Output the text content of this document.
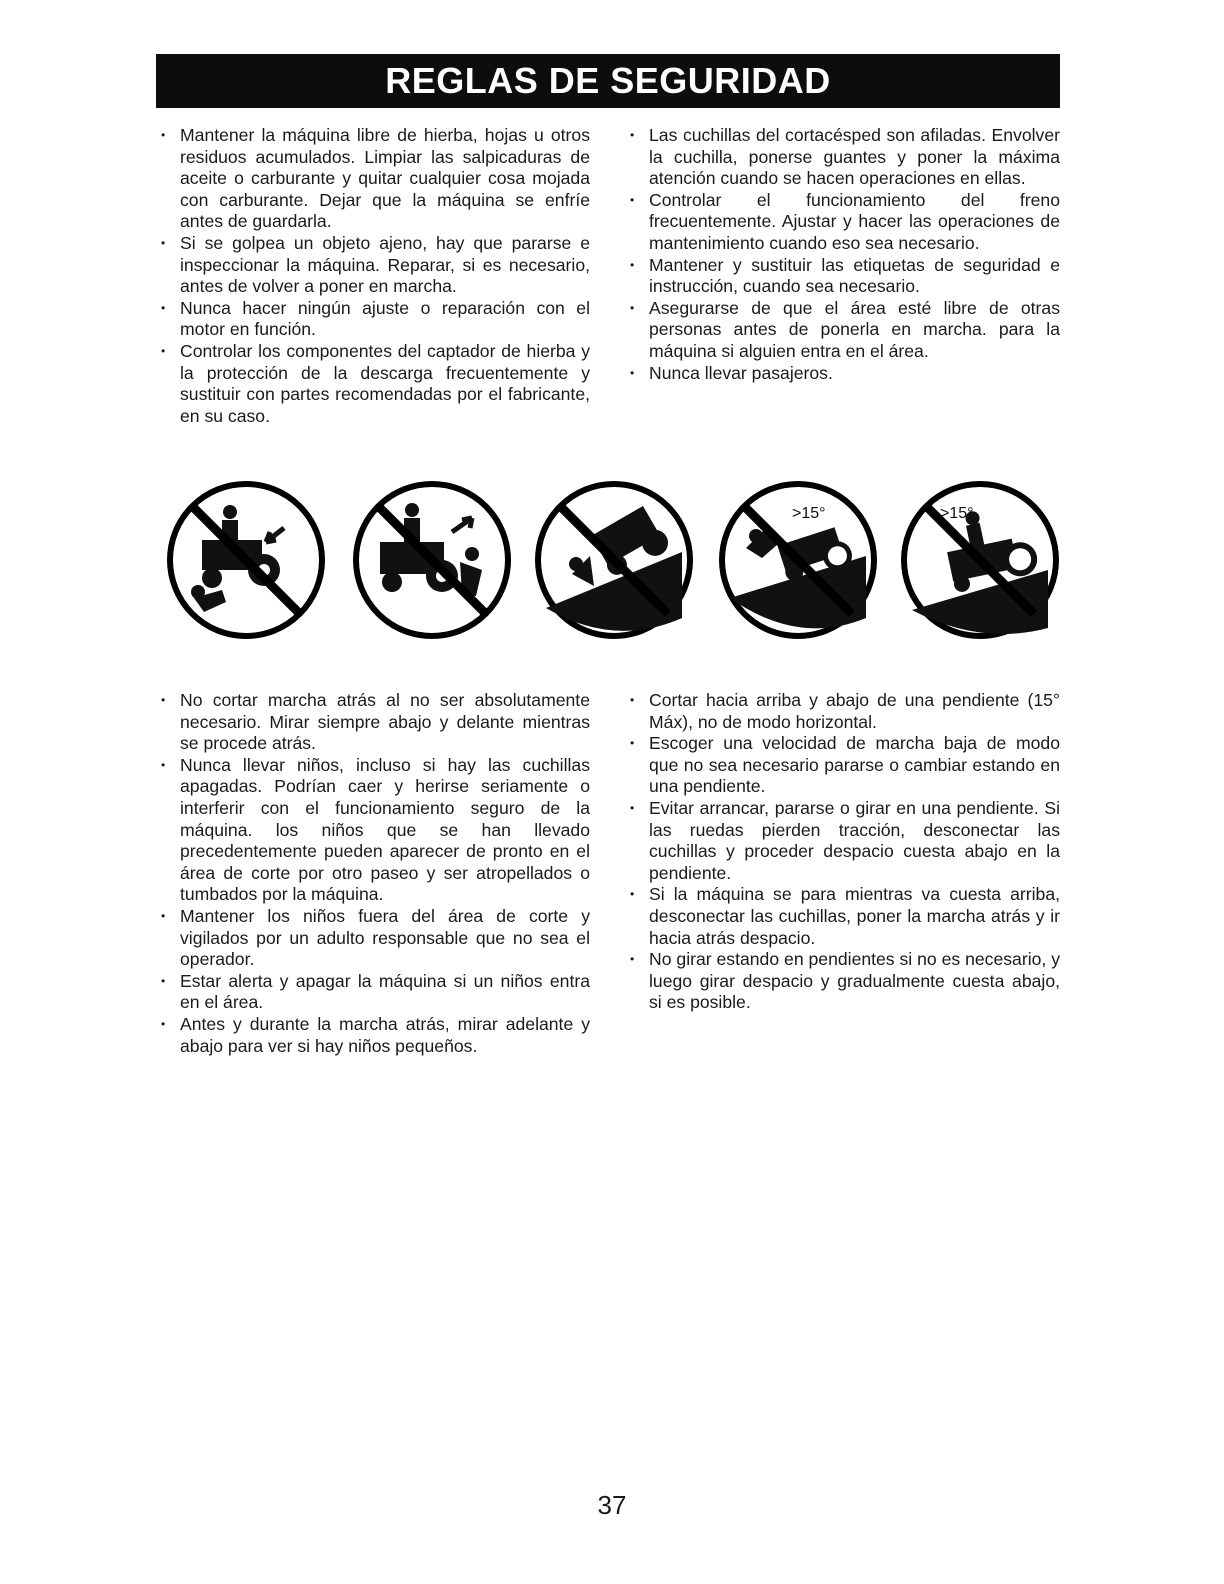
REGLAS DE SEGURIDAD
• Mantener la máquina libre de hierba, hojas u otros residuos acumulados. Limpiar las salpicaduras de aceite o carburante y quitar cualquier cosa mojada con carburante. Dejar que la máquina se enfríe antes de guardarla.
• Si se golpea un objeto ajeno, hay que pararse e inspeccionar la máquina. Reparar, si es necesario, antes de volver a poner en marcha.
• Nunca hacer ningún ajuste o reparación con el motor en función.
• Controlar los componentes del captador de hierba y la protección de la descarga frecuentemente y sustituir con partes recomendadas por el fabricante, en su caso.
• Las cuchillas del cortacésped son afiladas. Envolver la cuchilla, ponerse guantes y poner la máxima atención cuando se hacen operaciones en ellas.
• Controlar el funcionamiento del freno frecuentemente. Ajustar y hacer las operaciones de mantenimiento cuando eso sea necesario.
• Mantener y sustituir las etiquetas de seguridad e instrucción, cuando sea necesario.
• Asegurarse de que el área esté libre de otras personas antes de ponerla en marcha. para la máquina si alguien entra en el área.
• Nunca llevar pasajeros.
>15°	>15°
• No cortar marcha atrás al no ser absolutamente necesario. Mirar siempre abajo y delante mientras se procede atrás.
• Nunca llevar niños, incluso si hay las cuchillas apagadas. Podrían caer y herirse seriamente o interferir con el funcionamiento seguro de la máquina. los niños que se han llevado precedentemente pueden aparecer de pronto en el área de corte por otro paseo y ser atropellados o tumbados por la máquina.
• Mantener los niños fuera del área de corte y vigilados por un adulto responsable que no sea el operador.
• Estar alerta y apagar la máquina si un niños entra en el área.
• Antes y durante la marcha atrás, mirar adelante y abajo para ver si hay niños pequeños.
• Cortar hacia arriba y abajo de una pendiente (15° Máx), no de modo horizontal.
• Escoger una velocidad de marcha baja de modo que no sea necesario pararse o cambiar estando en una pendiente.
• Evitar arrancar, pararse o girar en una pendiente. Si las ruedas pierden tracción, desconectar las cuchillas y proceder despacio cuesta abajo en la pendiente.
• Si la máquina se para mientras va cuesta arriba, desconectar las cuchillas, poner la marcha atrás y ir hacia atrás despacio.
• No girar estando en pendientes si no es necesario, y luego girar despacio y gradualmente cuesta abajo, si es posible.
37
